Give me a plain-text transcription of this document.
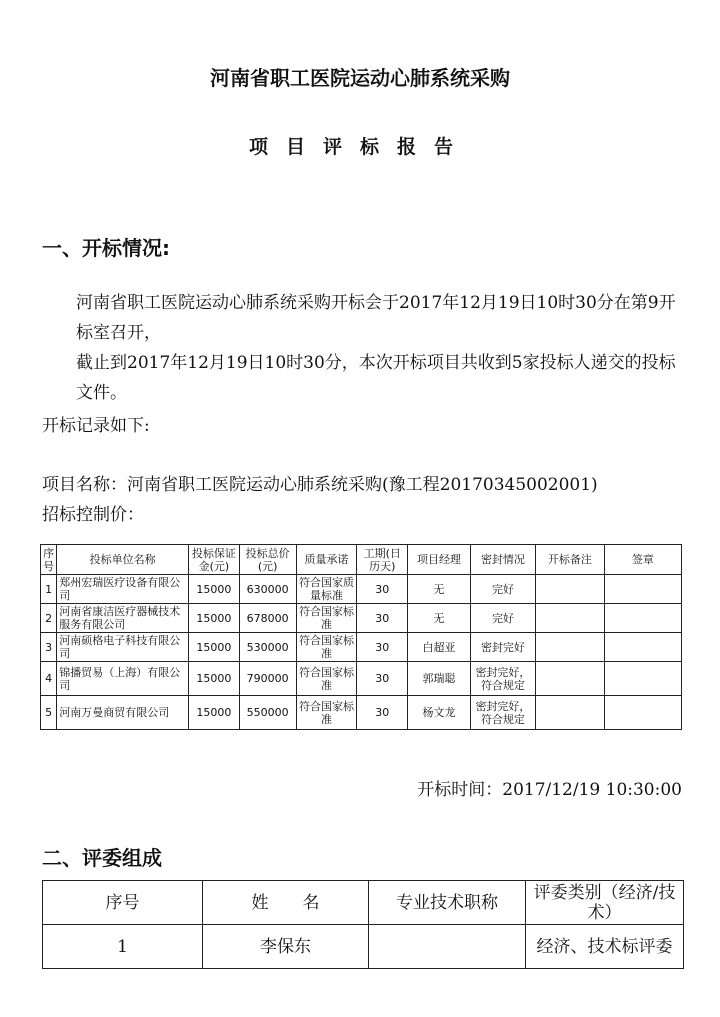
河南省职工医院运动心肺系统采购
项目评标报告
一、开标情况:
河南省职工医院运动心肺系统采购开标会于2017年12月19日10时30分在第9开标室召开，
截止到2017年12月19日10时30分，本次开标项目共收到5家投标人递交的投标文件。
开标记录如下:
项目名称：河南省职工医院运动心肺系统采购(豫工程20170345002001)
招标控制价：
序号	投标单位名称	投标保证金(元)	投标总价(元)	质量承诺	工期(日历天)	项目经理	密封情况	开标备注	签章
1	郑州宏瑞医疗设备有限公司	15000	630000	符合国家质量标准	30	无	完好		
2	河南省康洁医疗器械技术服务有限公司	15000	678000	符合国家标准	30	无	完好		
3	河南硕格电子科技有限公司	15000	530000	符合国家标准	30	白超亚	密封完好		
4	锦播贸易（上海）有限公司	15000	790000	符合国家标准	30	郭瑞聪	密封完好，符合规定		
5	河南万曼商贸有限公司	15000	550000	符合国家标准	30	杨文龙	密封完好，符合规定		
开标时间：2017/12/19 10:30:00
二、评委组成
序号	姓　　名	专业技术职称	评委类别（经济/技术）
1	李保东		经济、技术标评委
